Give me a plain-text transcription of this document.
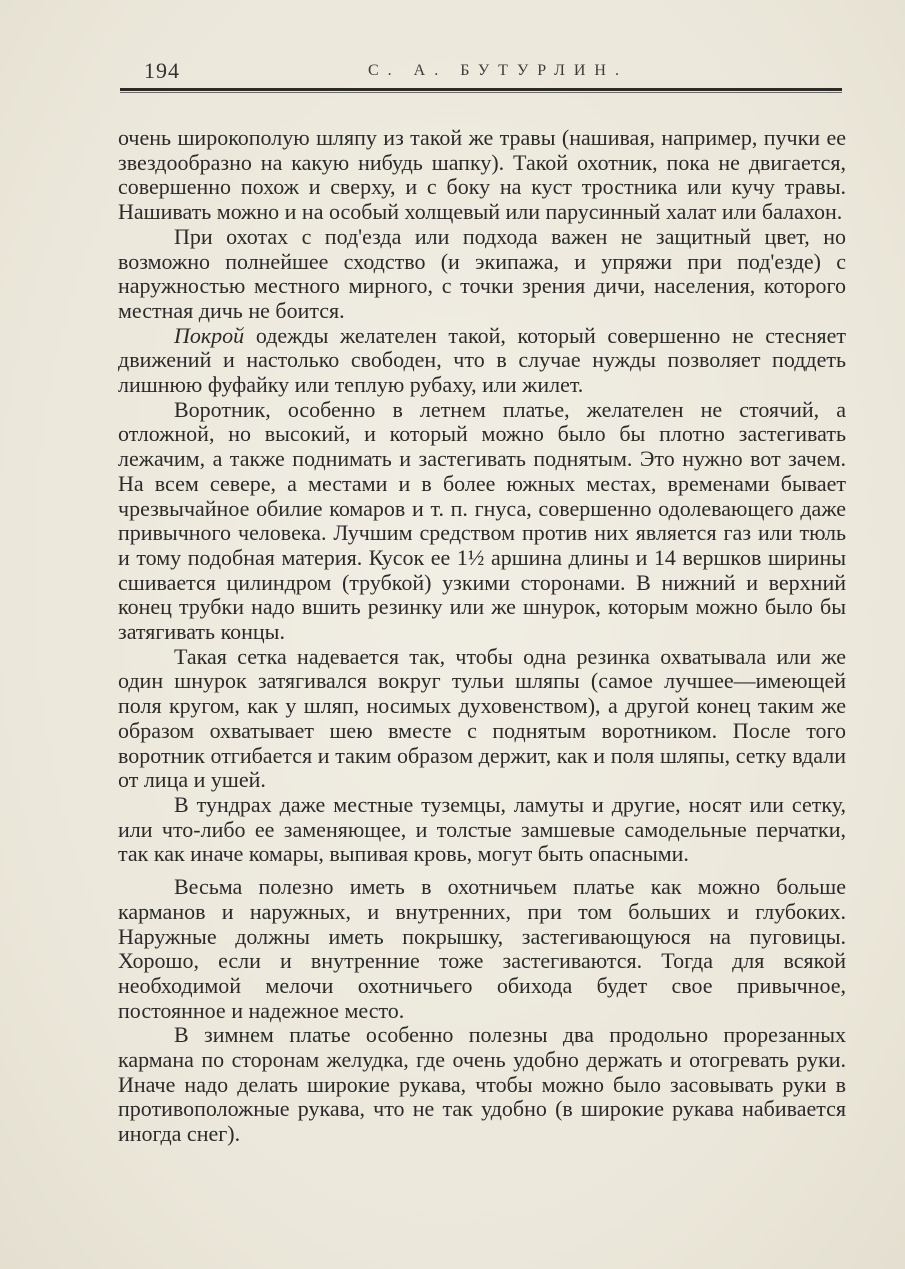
194	С. А. БУТУРЛИН.

очень широкополую шляпу из такой же травы (нашивая, например, пучки ее звездообразно на какую нибудь шапку). Такой охотник, пока не двигается, совершенно похож и сверху, и с боку на куст тростника или кучу травы. Нашивать можно и на особый холщевый или парусинный халат или балахон.

При охотах с под'езда или подхода важен не защитный цвет, но возможно полнейшее сходство (и экипажа, и упряжи при под'езде) с наружностью местного мирного, с точки зрения дичи, населения, которого местная дичь не боится.

Покрой одежды желателен такой, который совершенно не стесняет движений и настолько свободен, что в случае нужды позволяет поддеть лишнюю фуфайку или теплую рубаху, или жилет.

Воротник, особенно в летнем платье, желателен не стоячий, а отложной, но высокий, и который можно было бы плотно застегивать лежачим, а также поднимать и застегивать поднятым. Это нужно вот зачем. На всем севере, а местами и в более южных местах, временами бывает чрезвычайное обилие комаров и т. п. гнуса, совершенно одолевающего даже привычного человека. Лучшим средством против них является газ или тюль и тому подобная материя. Кусок ее 1½ аршина длины и 14 вершков ширины сшивается цилиндром (трубкой) узкими сторонами. В нижний и верхний конец трубки надо вшить резинку или же шнурок, которым можно было бы затягивать концы.

Такая сетка надевается так, чтобы одна резинка охватывала или же один шнурок затягивался вокруг тульи шляпы (самое лучшее—имеющей поля кругом, как у шляп, носимых духовенством), а другой конец таким же образом охватывает шею вместе с поднятым воротником. После того воротник отгибается и таким образом держит, как и поля шляпы, сетку вдали от лица и ушей.

В тундрах даже местные туземцы, ламуты и другие, носят или сетку, или что-либо ее заменяющее, и толстые замшевые самодельные перчатки, так как иначе комары, выпивая кровь, могут быть опасными.

Весьма полезно иметь в охотничьем платье как можно больше карманов и наружных, и внутренних, при том больших и глубоких. Наружные должны иметь покрышку, застегивающуюся на пуговицы. Хорошо, если и внутренние тоже застегиваются. Тогда для всякой необходимой мелочи охотничьего обихода будет свое привычное, постоянное и надежное место.

В зимнем платье особенно полезны два продольно прорезанных кармана по сторонам желудка, где очень удобно держать и отогревать руки. Иначе надо делать широкие рукава, чтобы можно было засовывать руки в противоположные рукава, что не так удобно (в широкие рукава набивается иногда снег).
